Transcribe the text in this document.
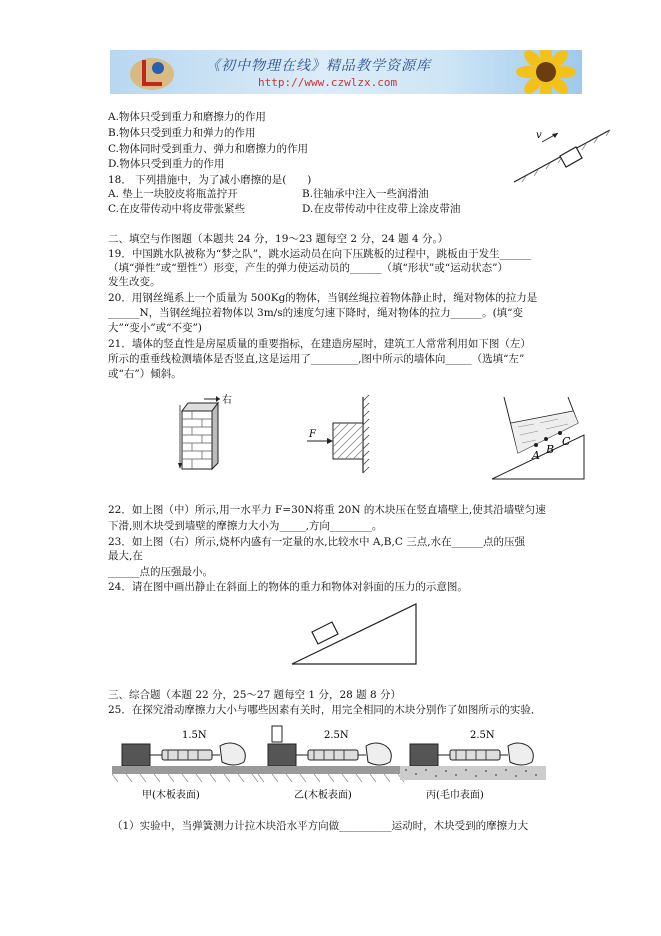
《初中物理在线》精品教学资源库
http://www.czwlzx.com
A.物体只受到重力和磨擦力的作用
B.物体只受到重力和弹力的作用
C.物体同时受到重力、弹力和磨擦力的作用
D.物体只受到重力的作用
v
18． 下列措施中，为了减小磨擦的是(　　)
A. 垫上一块胶皮将瓶盖拧开	B.往轴承中注入一些润滑油
C.在皮带传动中将皮带张紧些	D.在皮带传动中往皮带上涂皮带油
二、填空与作图题（本题共 24 分，19～23 题每空 2 分，24 题 4 分。）
19．中国跳水队被称为“梦之队”，跳水运动员在向下压跳板的过程中，跳板由于发生______
（填“弹性”或“塑性”）形变，产生的弹力使运动员的______（填“形状”或“运动状态”）
发生改变。
20．用钢丝绳系上一个质量为 500Kg的物体，当钢丝绳拉着物体静止时，绳对物体的拉力是
______N，当钢丝绳拉着物体以 3m/s的速度匀速下降时，绳对物体的拉力______。(填“变
大”“变小”或“不变”)
21．墙体的竖直性是房屋质量的重要指标，在建造房屋时，建筑工人常常利用如下图（左）
所示的重垂线检测墙体是否竖直,这是运用了_________,图中所示的墙体向_____（选填“左”
或“右”）倾斜。
右
F
A B
C
22．如上图（中）所示,用一水平力 F=30N将重 20N 的木块压在竖直墙壁上,使其沿墙壁匀速
下滑,则木块受到墙壁的摩擦力大小为_____,方向________。
23．如上图（右）所示,烧杯内盛有一定量的水,比较水中 A,B,C 三点,水在______点的压强
最大,在
______点的压强最小。
24．请在图中画出静止在斜面上的物体的重力和物体对斜面的压力的示意图。
三、综合题（本题 22 分，25～27 题每空 1 分，28 题 8 分）
25．在探究滑动摩擦力大小与哪些因素有关时，用完全相同的木块分别作了如图所示的实验．
1.5N
甲(木板表面)
2.5N
乙(木板表面)
2.5N
丙(毛巾表面)
（1）实验中，当弹簧测力计拉木块沿水平方向做__________运动时，木块受到的摩擦力大
